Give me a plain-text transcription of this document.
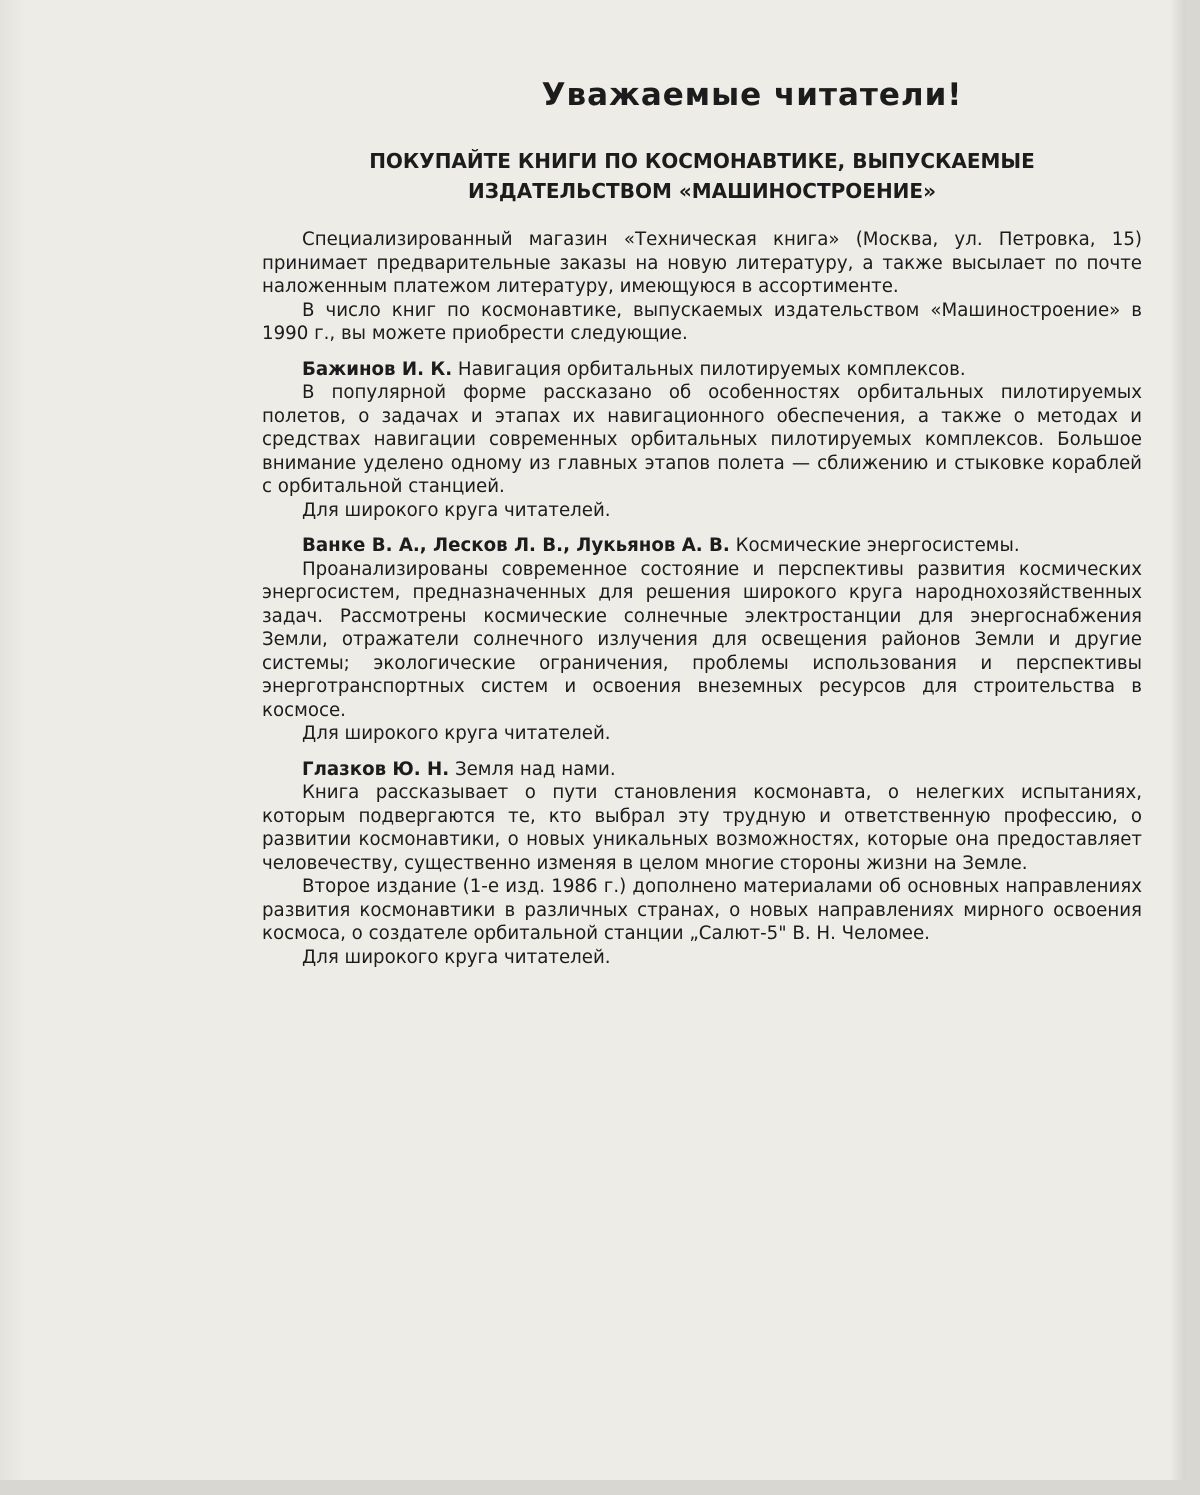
Уважаемые читатели!
ПОКУПАЙТЕ КНИГИ ПО КОСМОНАВТИКЕ, ВЫПУСКАЕМЫЕ
ИЗДАТЕЛЬСТВОМ «МАШИНОСТРОЕНИЕ»

Специализированный магазин «Техническая книга» (Москва, ул. Петровка, 15) принимает предварительные заказы на новую литературу, а также высылает по почте наложенным платежом литературу, имеющуюся в ассортименте.

В число книг по космонавтике, выпускаемых издательством «Машиностроение» в 1990 г., вы можете приобрести следующие.

Бажинов И. К. Навигация орбитальных пилотируемых комплексов.

В популярной форме рассказано об особенностях орбитальных пилотируемых полетов, о задачах и этапах их навигационного обеспечения, а также о методах и средствах навигации современных орбитальных пилотируемых комплексов. Большое внимание уделено одному из главных этапов полета — сближению и стыковке кораблей с орбитальной станцией.

Для широкого круга читателей.

Ванке В. А., Лесков Л. В., Лукьянов А. В. Космические энергосистемы.

Проанализированы современное состояние и перспективы развития космических энергосистем, предназначенных для решения широкого круга народнохозяйственных задач. Рассмотрены космические солнечные электростанции для энергоснабжения Земли, отражатели солнечного излучения для освещения районов Земли и другие системы; экологические ограничения, проблемы использования и перспективы энерготранспортных систем и освоения внеземных ресурсов для строительства в космосе.

Для широкого круга читателей.

Глазков Ю. Н. Земля над нами.

Книга рассказывает о пути становления космонавта, о нелегких испытаниях, которым подвергаются те, кто выбрал эту трудную и ответственную профессию, о развитии космонавтики, о новых уникальных возможностях, которые она предоставляет человечеству, существенно изменяя в целом многие стороны жизни на Земле.

Второе издание (1-е изд. 1986 г.) дополнено материалами об основных направлениях развития космонавтики в различных странах, о новых направлениях мирного освоения космоса, о создателе орбитальной станции „Салют-5" В. Н. Челомее.

Для широкого круга читателей.
